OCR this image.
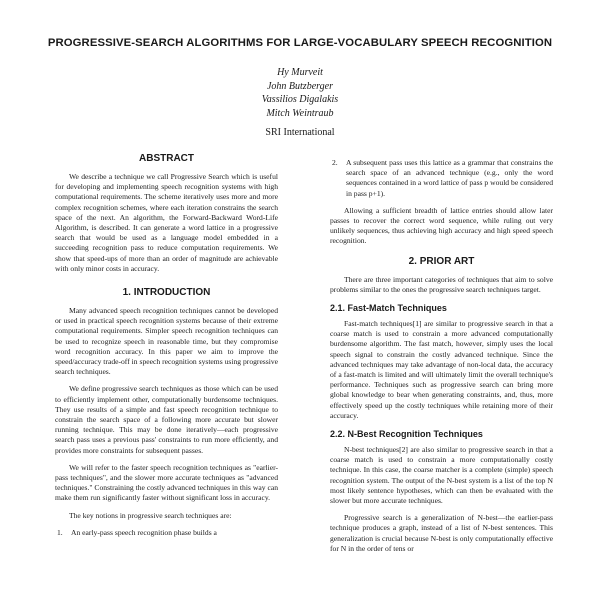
PROGRESSIVE-SEARCH ALGORITHMS FOR LARGE-VOCABULARY SPEECH RECOGNITION
Hy Murveit
John Butzberger
Vassilios Digalakis
Mitch Weintraub
SRI International
ABSTRACT

We describe a technique we call Progressive Search which is useful for developing and implementing speech recognition systems with high computational requirements. The scheme iteratively uses more and more complex recognition schemes, where each iteration constrains the search space of the next. An algorithm, the Forward-Backward Word-Life Algorithm, is described. It can generate a word lattice in a progressive search that would be used as a language model embedded in a succeeding recognition pass to reduce computation requirements. We show that speed-ups of more than an order of magnitude are achievable with only minor costs in accuracy.

1. INTRODUCTION

Many advanced speech recognition techniques cannot be developed or used in practical speech recognition systems because of their extreme computational requirements. Simpler speech recognition techniques can be used to recognize speech in reasonable time, but they compromise word recognition accuracy. In this paper we aim to improve the speed/accuracy trade-off in speech recognition systems using progressive search techniques.

We define progressive search techniques as those which can be used to efficiently implement other, computationally burdensome techniques. They use results of a simple and fast speech recognition technique to constrain the search space of a following more accurate but slower running technique. This may be done iteratively—each progressive search pass uses a previous pass' constraints to run more efficiently, and provides more constraints for subsequent passes.

We will refer to the faster speech recognition techniques as "earlier-pass techniques", and the slower more accurate techniques as "advanced techniques." Constraining the costly advanced techniques in this way can make them run significantly faster without significant loss in accuracy.

The key notions in progressive search techniques are:

1. An early-pass speech recognition phase builds a
2. A subsequent pass uses this lattice as a grammar that constrains the search space of an advanced technique (e.g., only the word sequences contained in a word lattice of pass p would be considered in pass p+1).

Allowing a sufficient breadth of lattice entries should allow later passes to recover the correct word sequence, while ruling out very unlikely sequences, thus achieving high accuracy and high speed speech recognition.

2. PRIOR ART

There are three important categories of techniques that aim to solve problems similar to the ones the progressive search techniques target.

2.1. Fast-Match Techniques

Fast-match techniques[1] are similar to progressive search in that a coarse match is used to constrain a more advanced computationally burdensome algorithm. The fast match, however, simply uses the local speech signal to constrain the costly advanced technique. Since the advanced techniques may take advantage of non-local data, the accuracy of a fast-match is limited and will ultimately limit the overall technique's performance. Techniques such as progressive search can bring more global knowledge to bear when generating constraints, and, thus, more effectively speed up the costly techniques while retaining more of their accuracy.

2.2. N-Best Recognition Techniques

N-best techniques[2] are also similar to progressive search in that a coarse match is used to constrain a more computationally costly technique. In this case, the coarse matcher is a complete (simple) speech recognition system. The output of the N-best system is a list of the top N most likely sentence hypotheses, which can then be evaluated with the slower but more accurate techniques.

Progressive search is a generalization of N-best—the earlier-pass technique produces a graph, instead of a list of N-best sentences. This generalization is crucial because N-best is only computationally effective for N in the order of tens or
